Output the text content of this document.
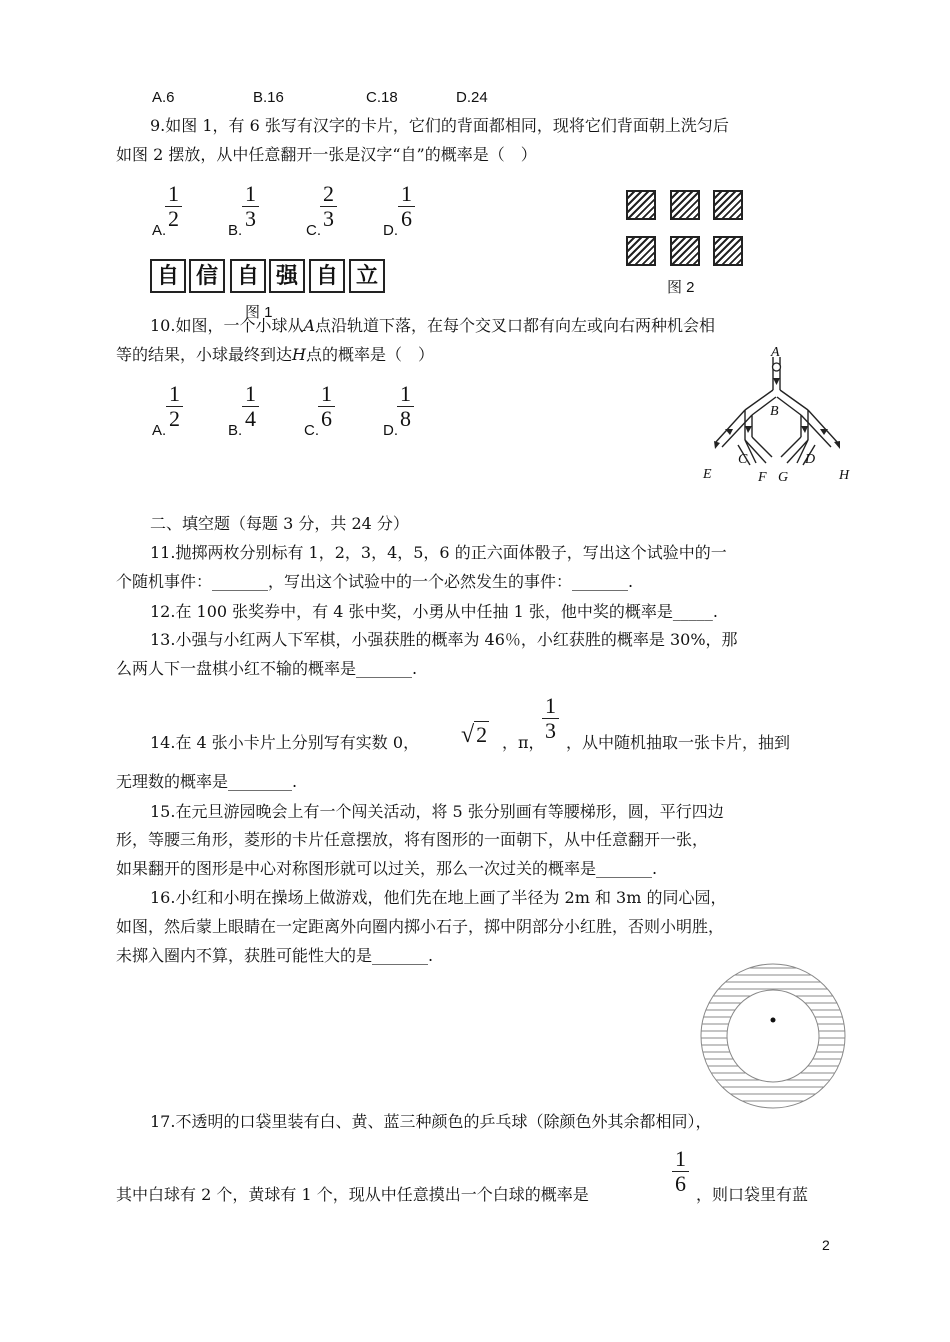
A.6	B.16	C.18	D.24
9.如图 1，有 6 张写有汉字的卡片，它们的背面都相同，现将它们背面朝上洗匀后
如图 2 摆放，从中任意翻开一张是汉字“自”的概率是（　）
A.
1
2	B.
1
3	C.
2
3	D.
1
6
自 信 自 强 自 立
图 1
图 2
10.如图，一个小球从A点沿轨道下落，在每个交叉口都有向左或向右两种机会相
等的结果，小球最终到达H点的概率是（　）
A.
1
2	B.
1
4	C.
1
6	D.
1
8
A
B
C	D
E	F G	H
二、填空题（每题 3 分，共 24 分）
11.抛掷两枚分别标有 1，2，3，4，5，6 的正六面体骰子，写出这个试验中的一
个随机事件：_______，写出这个试验中的一个必然发生的事件：_______.
12.在 100 张奖券中，有 4 张中奖，小勇从中任抽 1 张，他中奖的概率是_____.
13.小强与小红两人下军棋，小强获胜的概率为 46％，小红获胜的概率是 30%，那
么两人下一盘棋小红不输的概率是_______.
14.在 4 张小卡片上分别写有实数 0， √2 ，π，
1
3 ，从中随机抽取一张卡片，抽到
无理数的概率是________.
15.在元旦游园晚会上有一个闯关活动，将 5 张分别画有等腰梯形，圆，平行四边
形，等腰三角形，菱形的卡片任意摆放，将有图形的一面朝下，从中任意翻开一张，
如果翻开的图形是中心对称图形就可以过关，那么一次过关的概率是_______.
16.小红和小明在操场上做游戏，他们先在地上画了半径为 2m 和 3m 的同心园，
如图，然后蒙上眼睛在一定距离外向圈内掷小石子，掷中阴部分小红胜，否则小明胜，
未掷入圈内不算，获胜可能性大的是_______.
17.不透明的口袋里装有白、黄、蓝三种颜色的乒乓球（除颜色外其余都相同），
其中白球有 2 个，黄球有 1 个，现从中任意摸出一个白球的概率是
1
6 ，则口袋里有蓝
2
